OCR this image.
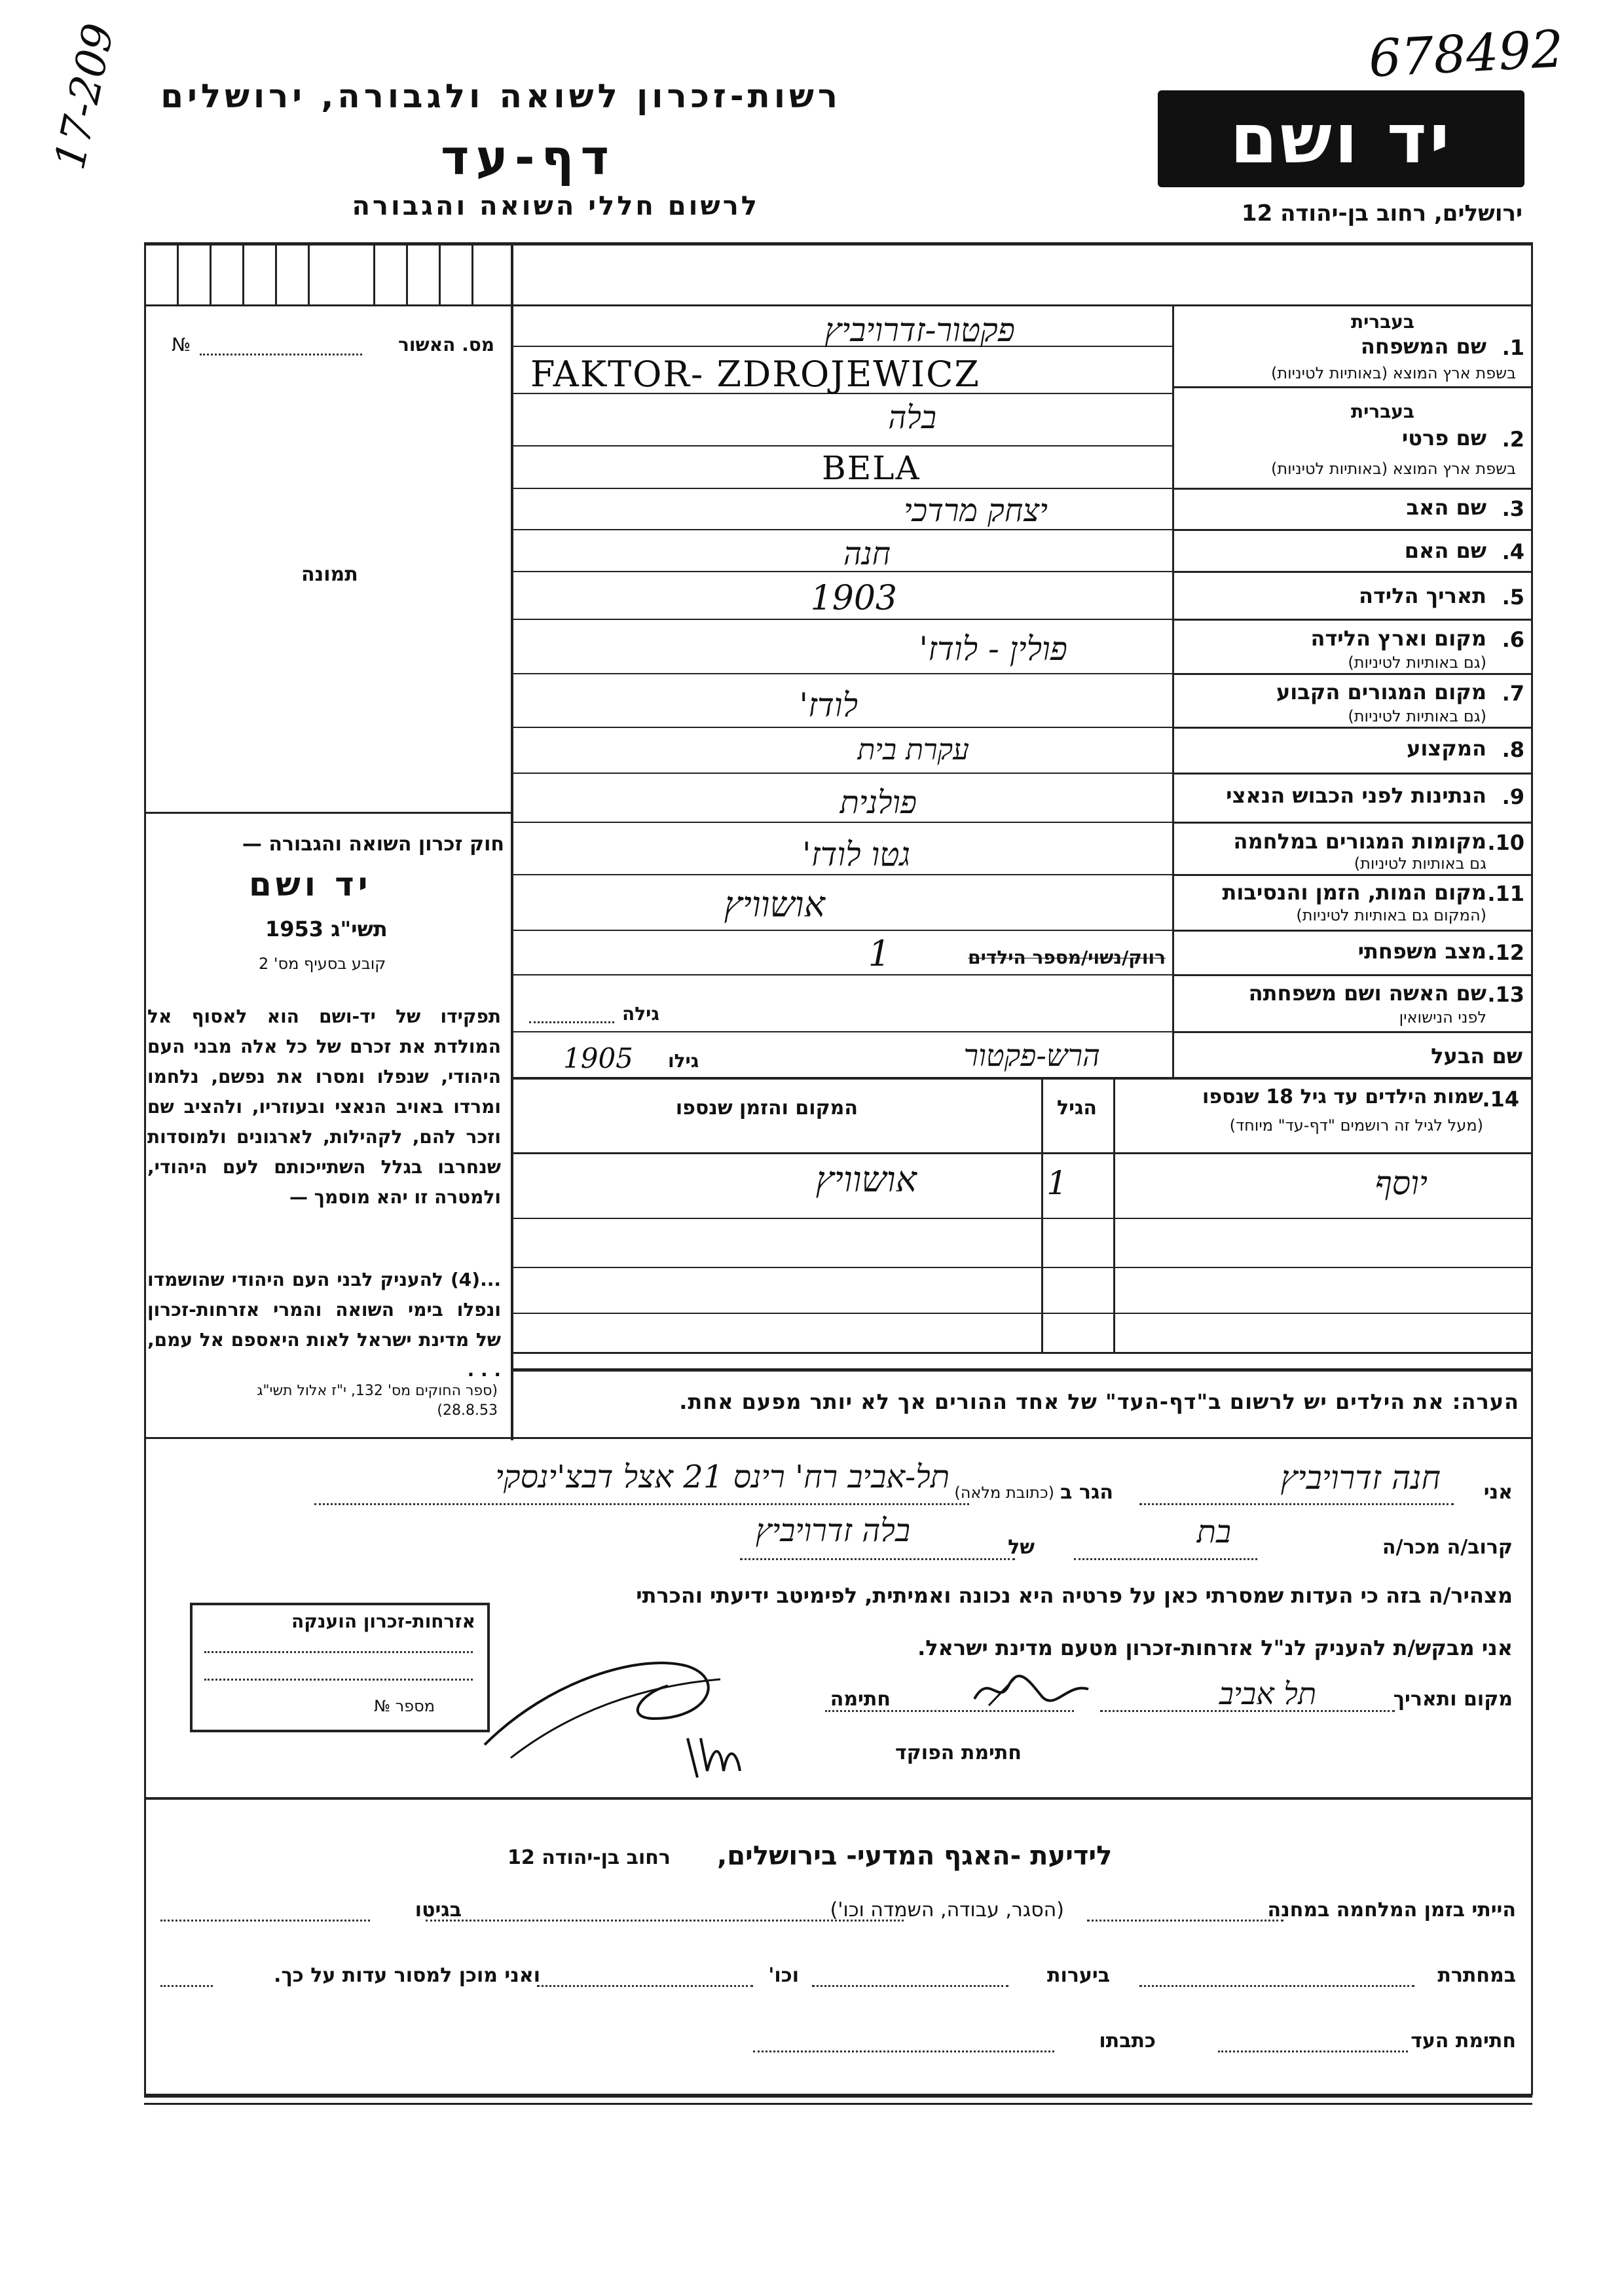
678492
17-209 רשות-זכרון לשואה ולגבורה, ירושלים
דף-עד
לרשום חללי השואה והגבורה
יד ושם
ירושלים, רחוב בן-יהודה 12
מס. האשור
№
תמונה
חוק זכרון השואה והגבורה —
יד ושם
תשי"ג 1953
קובע בסעיף מס' 2
תפקידו של יד-ושם הוא לאסוף אל המולדת את זכרם של כל אלה מבני העם היהודי, שנפלו ומסרו את נפשם, נלחמו ומרדו באויב הנאצי ובעוזריו, ולהציב שם וזכר להם, לקהילות, לארגונים ולמוסדות שנחרבו בגלל השתייכותם לעם היהודי, ולמטרה זו יהא מוסמך —
...(4) להעניק לבני העם היהודי שהושמדו ונפלו בימי השואה והמרי אזרחות-זכרון של מדינת ישראל לאות היאספם אל עמם, . . .
(ספר החוקים מס' 132, י"ז אלול תשי"ג 28.8.53)
1.
בעברית
שם המשפחה
בשפת ארץ המוצא (באותיות לטיניות)
פקטור-זדרויביץ
FAKTOR- ZDROJEWICZ
2.
בעברית
שם פרטי
בשפת ארץ המוצא (באותיות לטיניות)
בלה
BELA
3.
שם האב
יצחק מרדכי
4.
שם האם
חנה
5.
תאריך הלידה
1903
6.
מקום וארץ הלידה
(גם באותיות לטיניות)
פולין - לודז'
7.
מקום המגורים הקבוע
(גם באותיות לטיניות)
לודז'
8.
המקצוע
עקרת בית
9.
הנתינות לפני הכבוש הנאצי
פולנית
10.
מקומות המגורים במלחמה
גם באותיות לטיניות)
גטו לודז'
11.
מקום המות, הזמן והנסיבות
(המקום גם באותיות לטיניות)
אושוויץ
12.
מצב משפחתי
רווק/נשוי/מספר הילדים
1
13.
שם האשה ושם משפחתה
לפני הנישואין
גילה
שם הבעל
הרש-פקטור
גילו
1905
14.
שמות הילדים עד גיל 18 שנספו
(מעל לגיל זה רושמים "דף-עד" מיוחד)
הגיל
המקום והזמן שנספו
יוסף
1
אושוויץ
הערה: את הילדים יש לרשום ב"דף-העד" של אחד ההורים אך לא יותר מפעם אחת.
אני
חנה זדרויביץ
הגר ב
(כתובת מלאה)
תל-אביב רח' רינס 21 אצל דבצ'ינסקי
קרוב/ה מכר/ה
בת
של
בלה זדרויביץ
מצהיר/ה בזה כי העדות שמסרתי כאן על פרטיה היא נכונה ואמיתית, לפימיטב ידיעתי והכרתי
אני מבקש/ת להעניק לנ"ל אזרחות-זכרון מטעם מדינת ישראל.
מקום ותאריך
תל אביב
חתימה
חתימת הפוקד
אזרחות-זכרון הוענקה
מספר №
לידיעת -האגף המדעי- בירושלים,
רחוב בן-יהודה 12
הייתי בזמן המלחמה במחנה
(הסגר, עבודה, השמדה וכו')
בגיטו
במחתרת
ביערות
וכו'
ואני מוכן למסור עדות על כך.
חתימת העד
כתבתו
